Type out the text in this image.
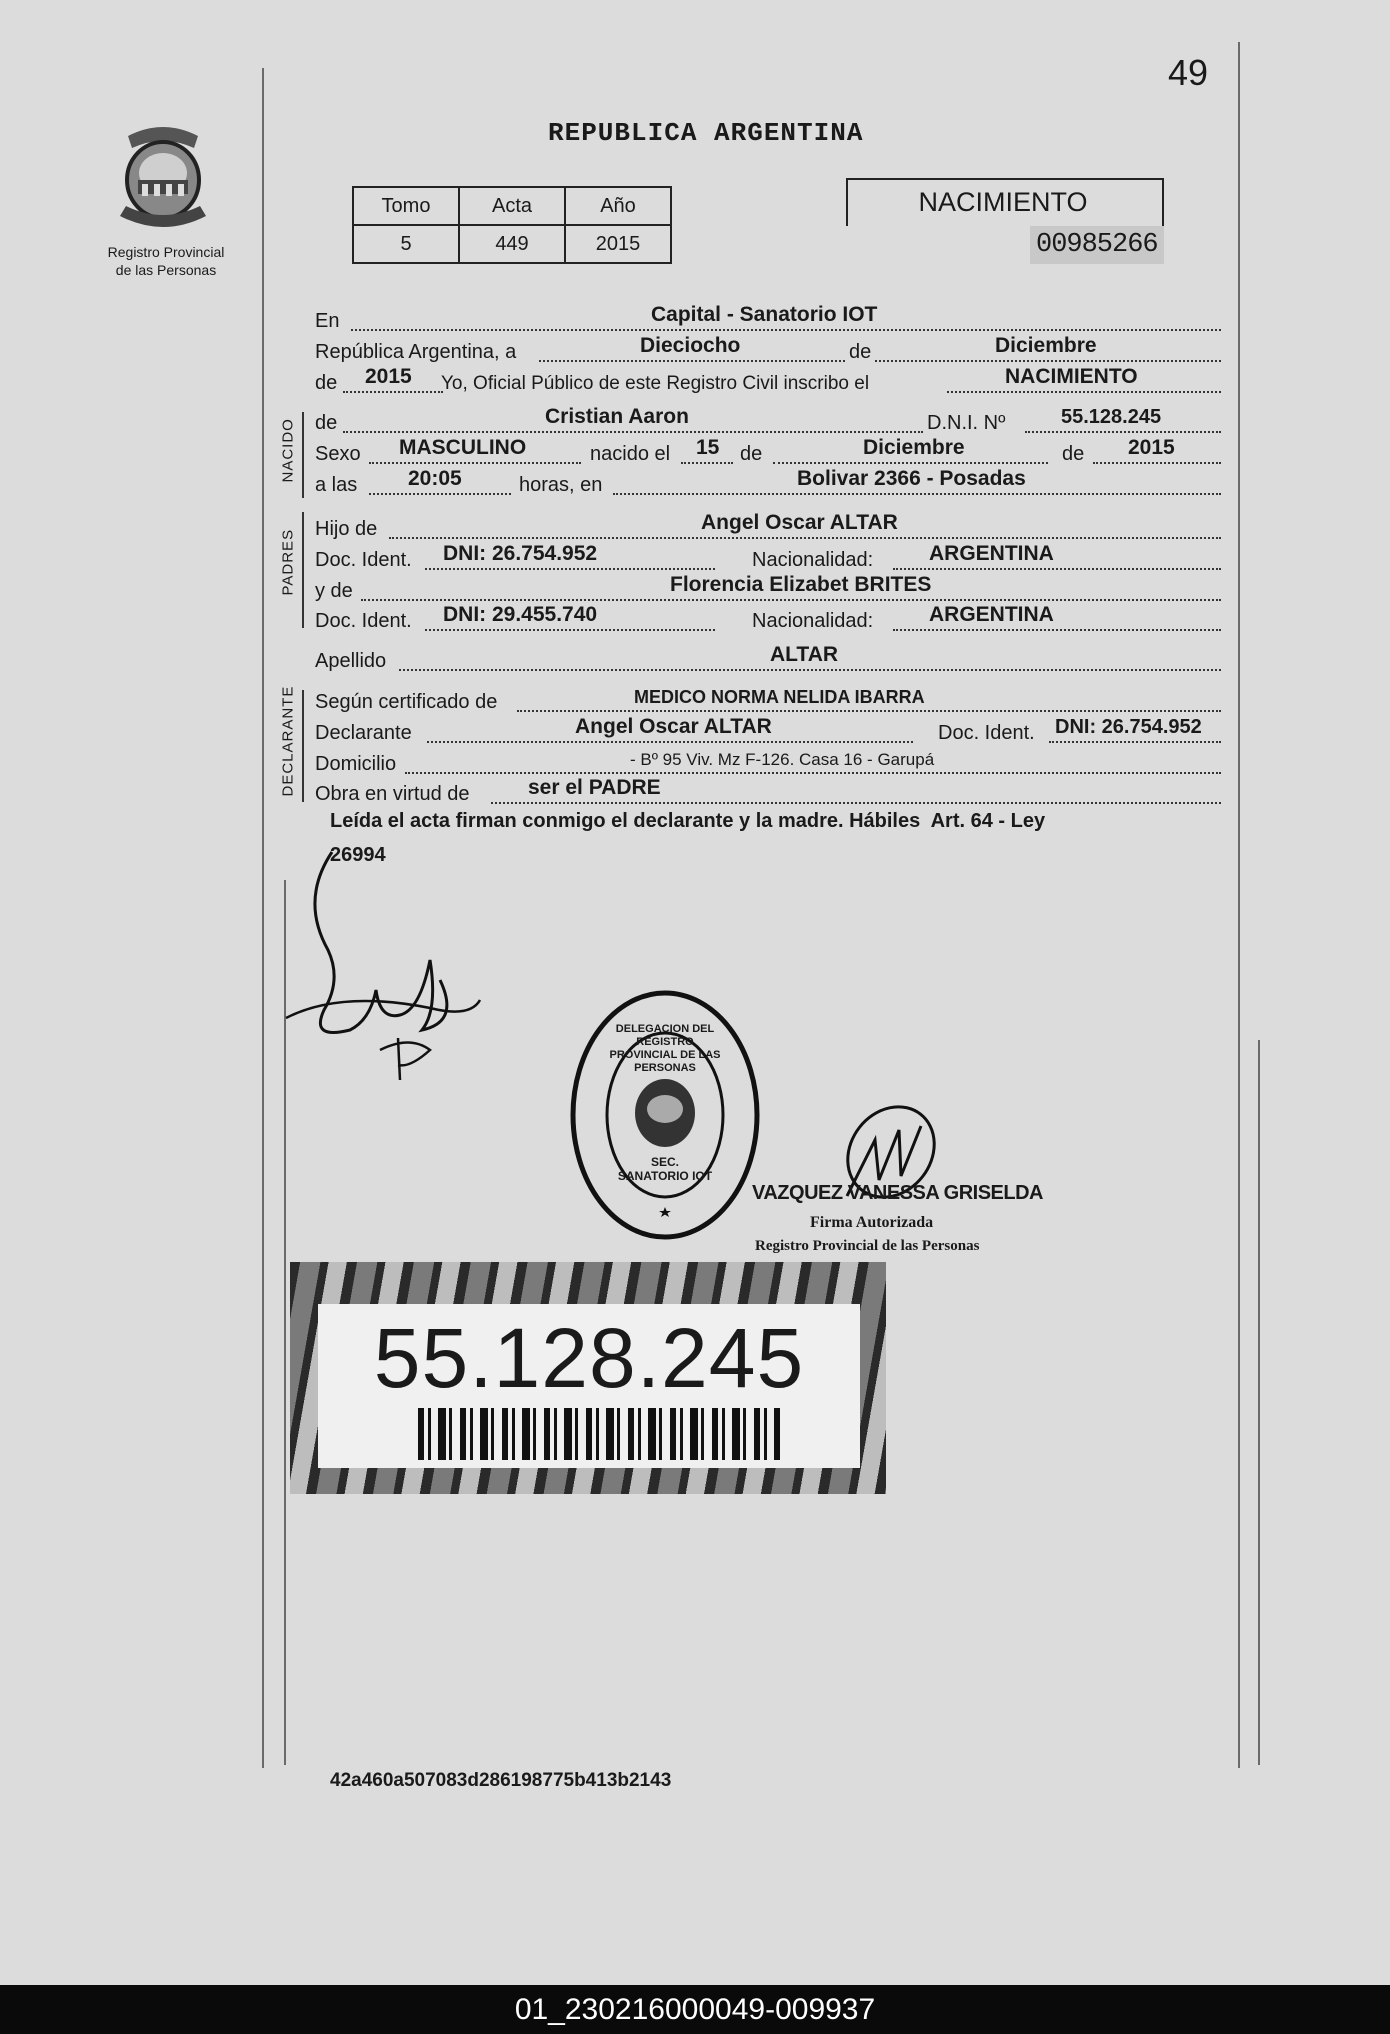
49
Registro Provincial
de las Personas
REPUBLICA ARGENTINA
Tomo	Acta	Año
5	449	2015
NACIMIENTO
00985266
En	Capital - Sanatorio IOT
República Argentina, a	Dieciocho	de	Diciembre
de 2015 Yo, Oficial Público de este Registro Civil inscribo el	NACIMIENTO
NACIDO de	Cristian Aaron	D.N.I. Nº	55.128.245
Sexo MASCULINO	nacido el 15 de	Diciembre	de 2015
a las 20:05	horas, en	Bolivar 2366 - Posadas
PADRES Hijo de	Angel Oscar ALTAR
Doc. Ident. DNI: 26.754.952	Nacionalidad:	ARGENTINA
y de	Florencia Elizabet BRITES
Doc. Ident. DNI: 29.455.740	Nacionalidad:	ARGENTINA
Apellido	ALTAR
DECLARANTE Según certificado de	MEDICO NORMA NELIDA IBARRA
Declarante	Angel Oscar ALTAR	Doc. Ident. DNI: 26.754.952
Domicilio	- Bº 95 Viv. Mz F-126. Casa 16 - Garupá
Obra en virtud de	ser el PADRE
Leída el acta firman conmigo el declarante y la madre. Hábiles  Art. 64 - Ley
26994
DELEGACION DEL REGISTRO PROVINCIAL DE LAS PERSONAS
SEC. SANATORIO IOT
VAZQUEZ VANESSA GRISELDA
Firma Autorizada
Registro Provincial de las Personas
55.128.245
42a460a507083d286198775b413b2143
01_230216000049-009937
